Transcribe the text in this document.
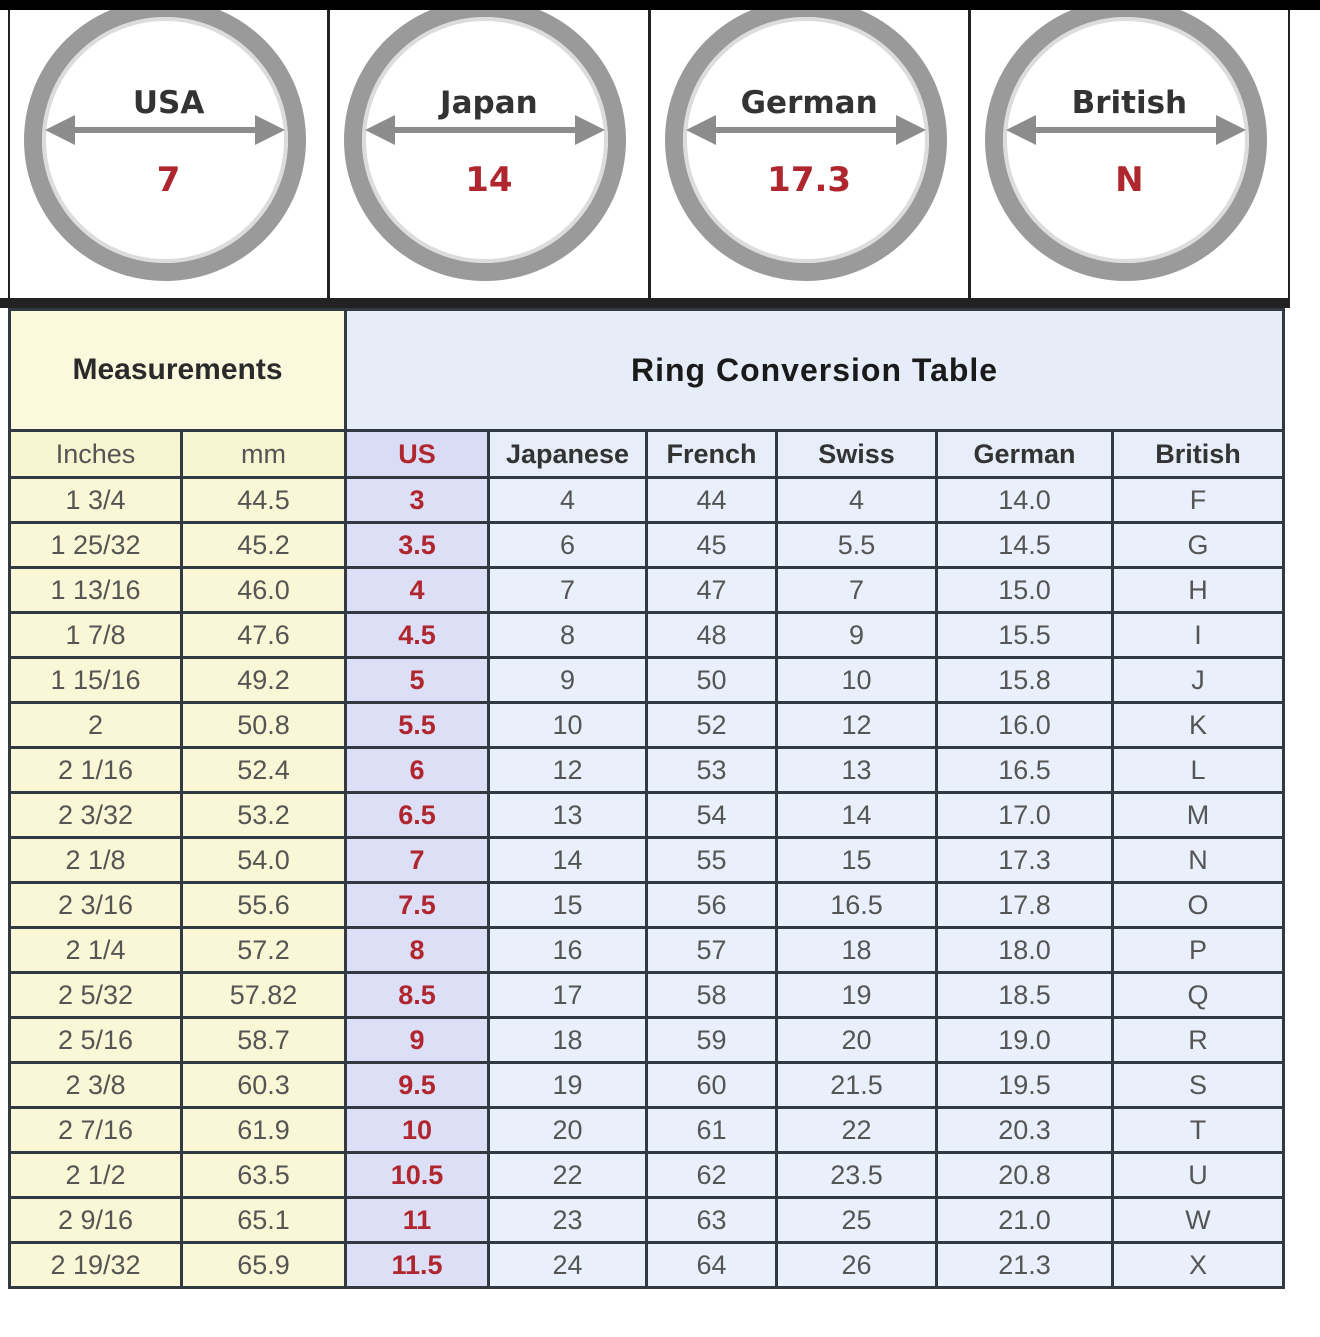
USA
7
Japan
14
German
17.3
British
N
Measurements		Ring Conversion Table					
Inches	mm	US	Japanese	French	Swiss	German	British
1 3/4	44.5	3	4	44	4	14.0	F
1 25/32	45.2	3.5	6	45	5.5	14.5	G
1 13/16	46.0	4	7	47	7	15.0	H
1 7/8	47.6	4.5	8	48	9	15.5	I
1 15/16	49.2	5	9	50	10	15.8	J
2	50.8	5.5	10	52	12	16.0	K
2 1/16	52.4	6	12	53	13	16.5	L
2 3/32	53.2	6.5	13	54	14	17.0	M
2 1/8	54.0	7	14	55	15	17.3	N
2 3/16	55.6	7.5	15	56	16.5	17.8	O
2 1/4	57.2	8	16	57	18	18.0	P
2 5/32	57.82	8.5	17	58	19	18.5	Q
2 5/16	58.7	9	18	59	20	19.0	R
2 3/8	60.3	9.5	19	60	21.5	19.5	S
2 7/16	61.9	10	20	61	22	20.3	T
2 1/2	63.5	10.5	22	62	23.5	20.8	U
2 9/16	65.1	11	23	63	25	21.0	W
2 19/32	65.9	11.5	24	64	26	21.3	X
